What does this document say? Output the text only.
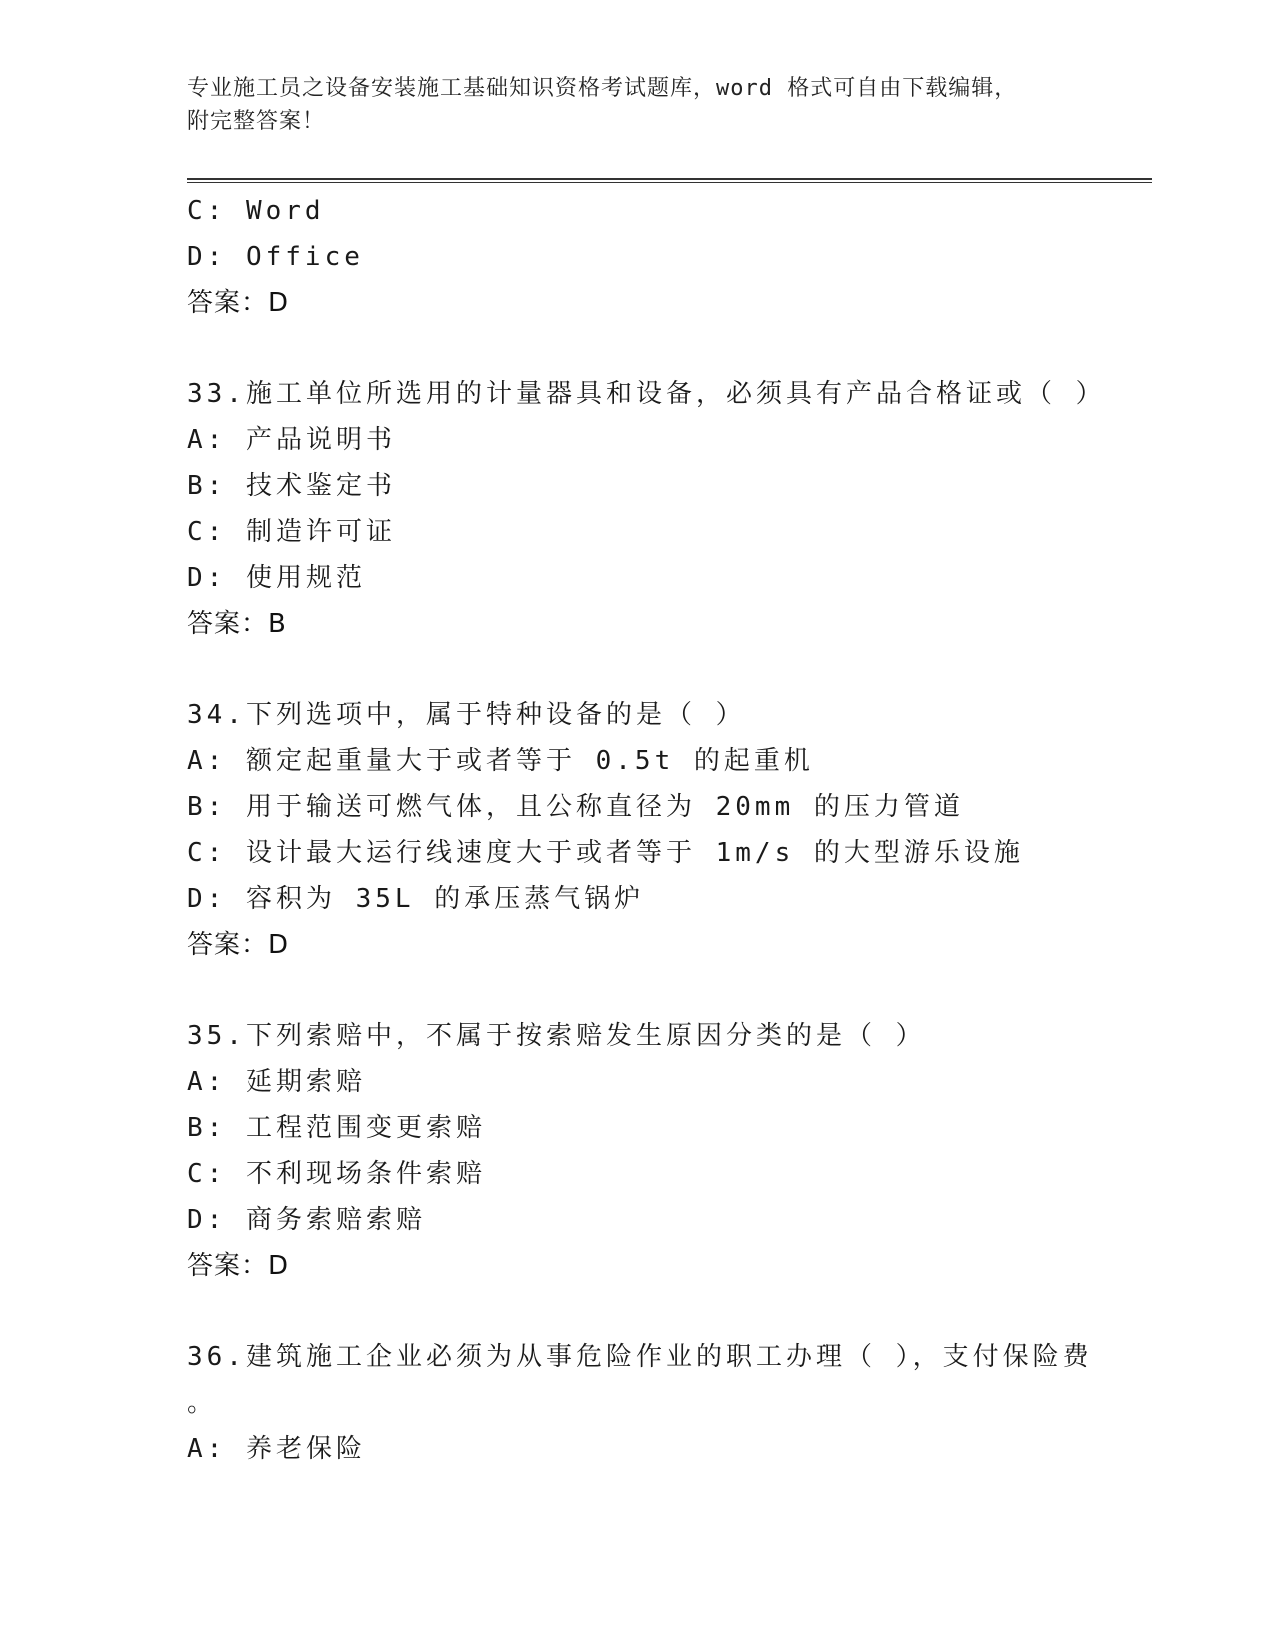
专业施工员之设备安装施工基础知识资格考试题库，word 格式可自由下载编辑，
附完整答案！
C: Word
D: Office
答案：D
33.施工单位所选用的计量器具和设备，必须具有产品合格证或（ ）
A: 产品说明书
B: 技术鉴定书
C: 制造许可证
D: 使用规范
答案：B
34.下列选项中，属于特种设备的是（ ）
A: 额定起重量大于或者等于 0.5t 的起重机
B: 用于输送可燃气体，且公称直径为 20mm 的压力管道
C: 设计最大运行线速度大于或者等于 1m/s 的大型游乐设施
D: 容积为 35L 的承压蒸气锅炉
答案：D
35.下列索赔中，不属于按索赔发生原因分类的是（ ）
A: 延期索赔
B: 工程范围变更索赔
C: 不利现场条件索赔
D: 商务索赔索赔
答案：D
36.建筑施工企业必须为从事危险作业的职工办理（ ），支付保险费
。
A: 养老保险
